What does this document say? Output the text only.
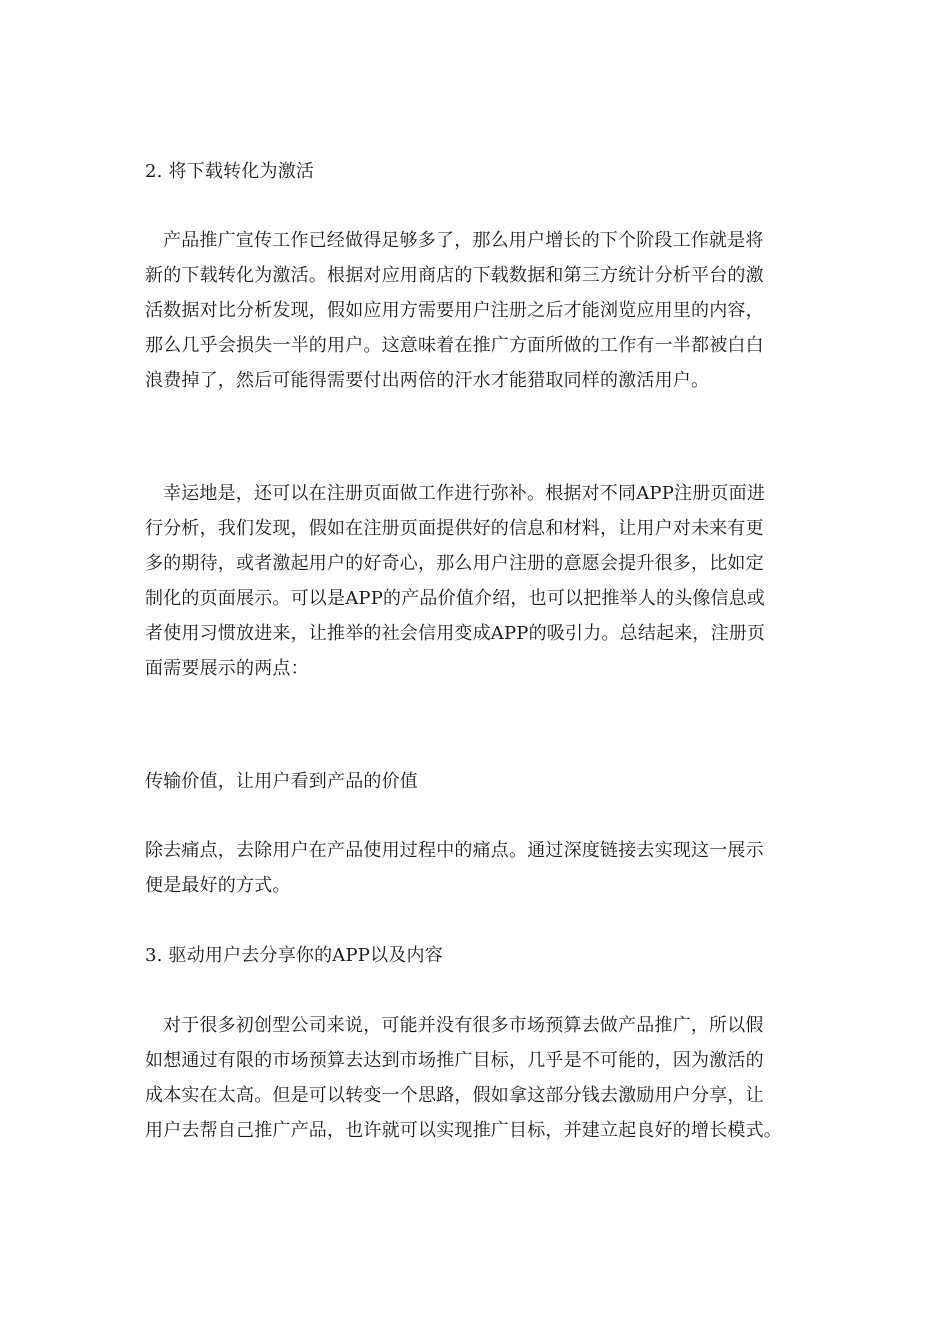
2. 将下载转化为激活
产品推广宣传工作已经做得足够多了，那么用户增长的下个阶段工作就是将
新的下载转化为激活。根据对应用商店的下载数据和第三方统计分析平台的激
活数据对比分析发现，假如应用方需要用户注册之后才能浏览应用里的内容，
那么几乎会损失一半的用户。这意味着在推广方面所做的工作有一半都被白白
浪费掉了，然后可能得需要付出两倍的汗水才能猎取同样的激活用户。
幸运地是，还可以在注册页面做工作进行弥补。根据对不同APP注册页面进
行分析，我们发现，假如在注册页面提供好的信息和材料，让用户对未来有更
多的期待，或者激起用户的好奇心，那么用户注册的意愿会提升很多，比如定
制化的页面展示。可以是APP的产品价值介绍，也可以把推举人的头像信息或
者使用习惯放进来，让推举的社会信用变成APP的吸引力。总结起来，注册页
面需要展示的两点：
传输价值，让用户看到产品的价值
除去痛点，去除用户在产品使用过程中的痛点。通过深度链接去实现这一展示
便是最好的方式。
3. 驱动用户去分享你的APP以及内容
对于很多初创型公司来说，可能并没有很多市场预算去做产品推广，所以假
如想通过有限的市场预算去达到市场推广目标，几乎是不可能的，因为激活的
成本实在太高。但是可以转变一个思路，假如拿这部分钱去激励用户分享，让
用户去帮自己推广产品，也许就可以实现推广目标，并建立起良好的增长模式。
